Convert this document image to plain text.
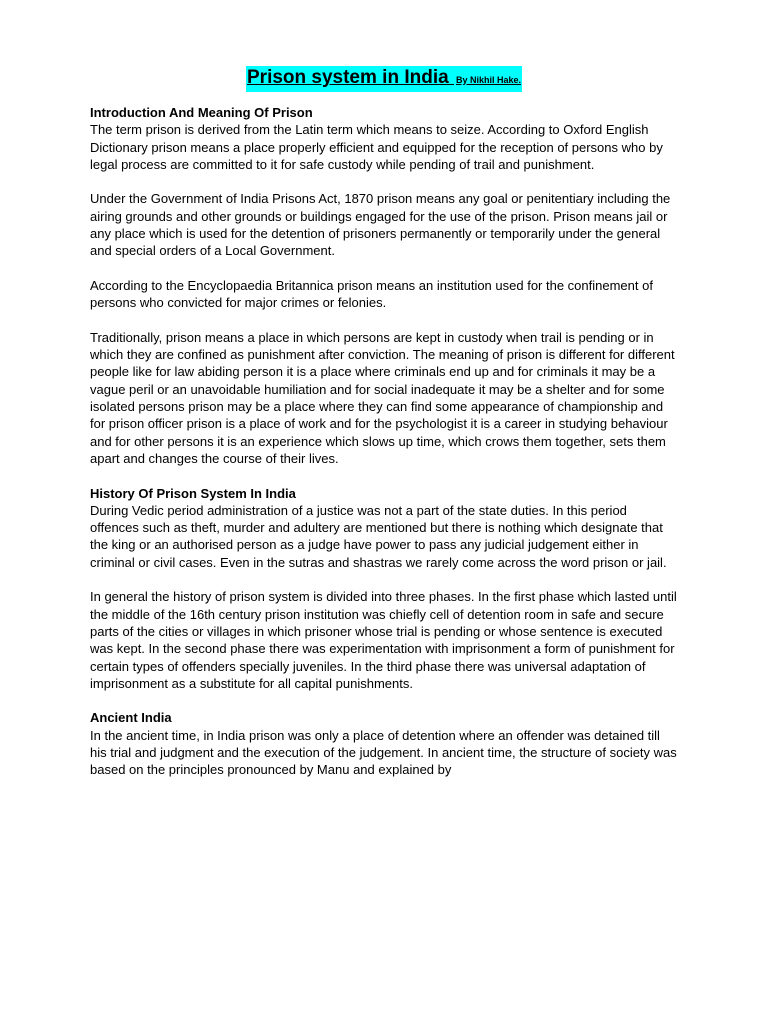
Prison system in India By Nikhil Hake.

Introduction And Meaning Of Prison

The term prison is derived from the Latin term which means to seize. According to Oxford English Dictionary prison means a place properly efficient and equipped for the reception of persons who by legal process are committed to it for safe custody while pending of trail and punishment.

Under the Government of India Prisons Act, 1870 prison means any goal or penitentiary including the airing grounds and other grounds or buildings engaged for the use of the prison. Prison means jail or any place which is used for the detention of prisoners permanently or temporarily under the general and special orders of a Local Government.

According to the Encyclopaedia Britannica prison means an institution used for the confinement of persons who convicted for major crimes or felonies.

Traditionally, prison means a place in which persons are kept in custody when trail is pending or in which they are confined as punishment after conviction. The meaning of prison is different for different people like for law abiding person it is a place where criminals end up and for criminals it may be a vague peril or an unavoidable humiliation and for social inadequate it may be a shelter and for some isolated persons prison may be a place where they can find some appearance of championship and for prison officer prison is a place of work and for the psychologist it is a career in studying behaviour and for other persons it is an experience which slows up time, which crows them together, sets them apart and changes the course of their lives.

History Of Prison System In India

During Vedic period administration of a justice was not a part of the state duties. In this period offences such as theft, murder and adultery are mentioned but there is nothing which designate that the king or an authorised person as a judge have power to pass any judicial judgement either in criminal or civil cases. Even in the sutras and shastras we rarely come across the word prison or jail.

In general the history of prison system is divided into three phases. In the first phase which lasted until the middle of the 16th century prison institution was chiefly cell of detention room in safe and secure parts of the cities or villages in which prisoner whose trial is pending or whose sentence is executed was kept. In the second phase there was experimentation with imprisonment a form of punishment for certain types of offenders specially juveniles. In the third phase there was universal adaptation of imprisonment as a substitute for all capital punishments.

Ancient India

In the ancient time, in India prison was only a place of detention where an offender was detained till his trial and judgment and the execution of the judgement. In ancient time, the structure of society was based on the principles pronounced by Manu and explained by
